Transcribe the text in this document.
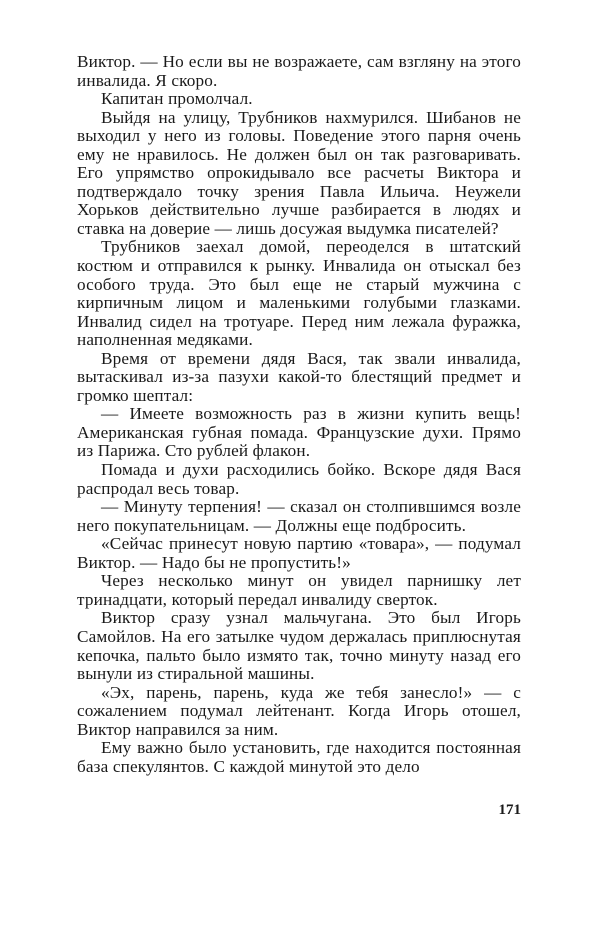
Виктор. — Но если вы не возражаете, сам взгляну на этого инвалида. Я скоро.

Капитан промолчал.

Выйдя на улицу, Трубников нахмурился. Шибанов не выходил у него из головы. Поведение этого парня очень ему не нравилось. Не должен был он так разговаривать. Его упрямство опрокидывало все расчеты Виктора и подтверждало точку зрения Павла Ильича. Неужели Хорьков действительно лучше разбирается в людях и ставка на доверие — лишь досужая выдумка писателей?

Трубников заехал домой, переоделся в штатский костюм и отправился к рынку. Инвалида он отыскал без особого труда. Это был еще не старый мужчина с кирпичным лицом и маленькими голубыми глазками. Инвалид сидел на тротуаре. Перед ним лежала фуражка, наполненная медяками.

Время от времени дядя Вася, так звали инвалида, вытаскивал из-за пазухи какой-то блестящий предмет и громко шептал:

— Имеете возможность раз в жизни купить вещь! Американская губная помада. Французские духи. Прямо из Парижа. Сто рублей флакон.

Помада и духи расходились бойко. Вскоре дядя Вася распродал весь товар.

— Минуту терпения! — сказал он столпившимся возле него покупательницам. — Должны еще подбросить.

«Сейчас принесут новую партию «товара», — подумал Виктор. — Надо бы не пропустить!»

Через несколько минут он увидел парнишку лет тринадцати, который передал инвалиду сверток.

Виктор сразу узнал мальчугана. Это был Игорь Самойлов. На его затылке чудом держалась приплюснутая кепочка, пальто было измято так, точно минуту назад его вынули из стиральной машины.

«Эх, парень, парень, куда же тебя занесло!» — с сожалением подумал лейтенант. Когда Игорь отошел, Виктор направился за ним.

Ему важно было установить, где находится постоянная база спекулянтов. С каждой минутой это дело

171
